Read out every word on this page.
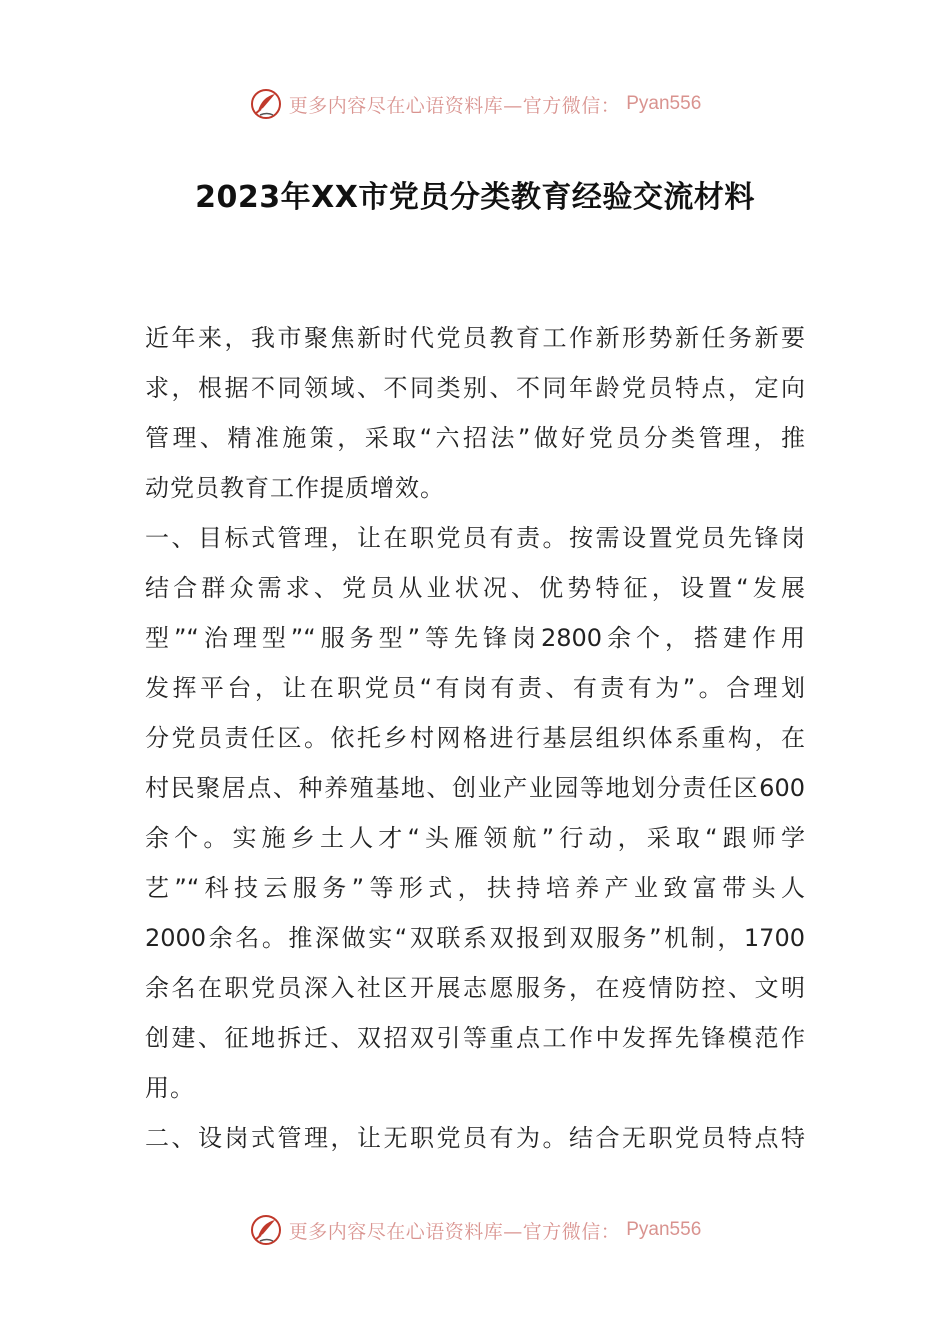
更多内容尽在心语资料库—官方微信： Pyan556
2023年XX市党员分类教育经验交流材料
近年来，我市聚焦新时代党员教育工作新形势新任务新要
求，根据不同领域、不同类别、不同年龄党员特点，定向
管理、精准施策，采取“六招法”做好党员分类管理，推
动党员教育工作提质增效。
一、目标式管理，让在职党员有责。按需设置党员先锋岗
结合群众需求、党员从业状况、优势特征，设置“发展
型”“治理型”“服务型”等先锋岗2800余个，搭建作用
发挥平台，让在职党员“有岗有责、有责有为”。合理划
分党员责任区。依托乡村网格进行基层组织体系重构，在
村民聚居点、种养殖基地、创业产业园等地划分责任区600
余个。实施乡土人才“头雁领航”行动，采取“跟师学
艺”“科技云服务”等形式，扶持培养产业致富带头人
2000余名。推深做实“双联系双报到双服务”机制，1700
余名在职党员深入社区开展志愿服务，在疫情防控、文明
创建、征地拆迁、双招双引等重点工作中发挥先锋模范作
用。
二、设岗式管理，让无职党员有为。结合无职党员特点特
更多内容尽在心语资料库—官方微信： Pyan556
